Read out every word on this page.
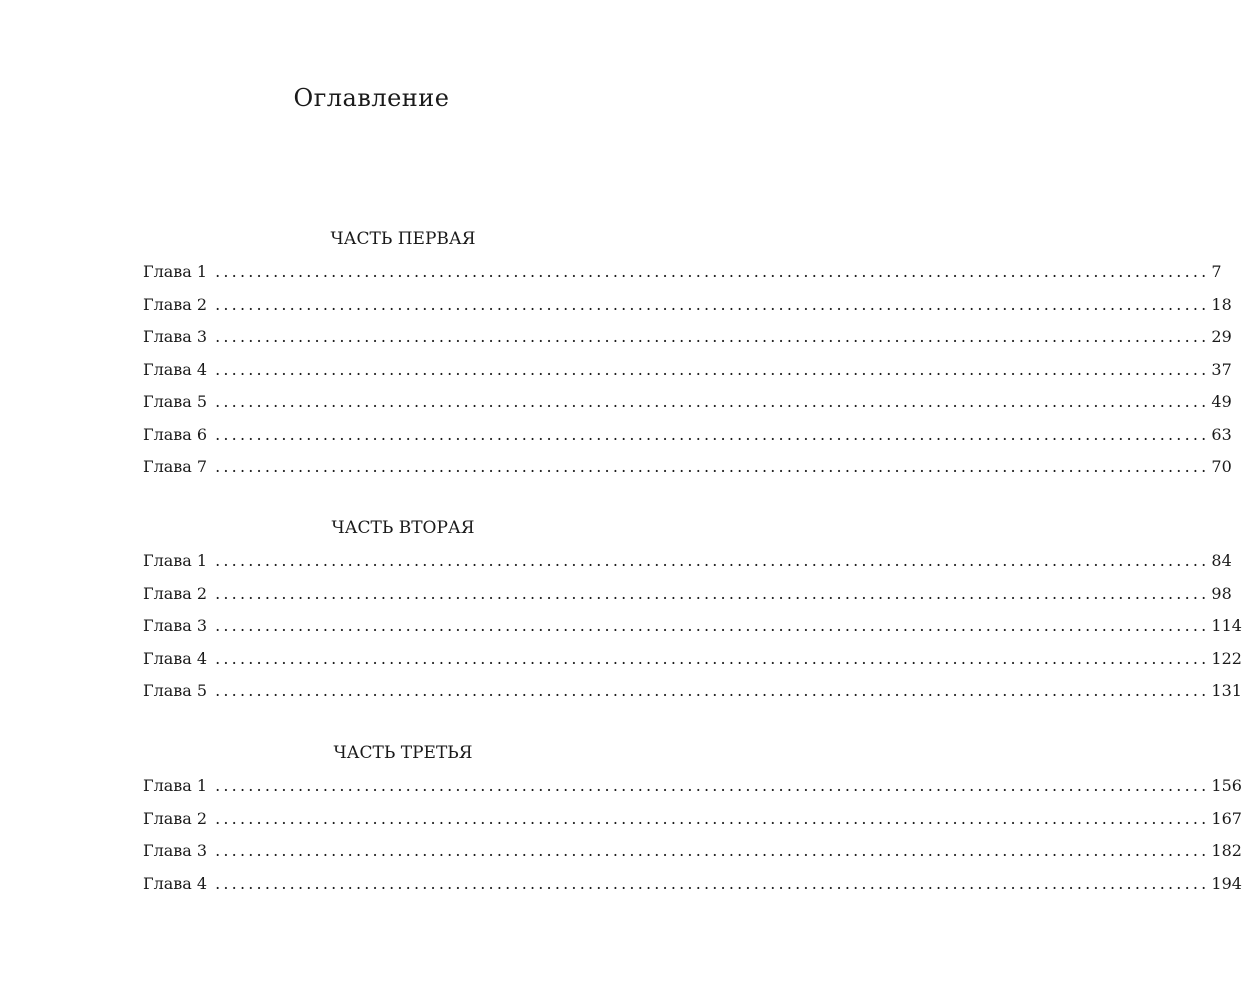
Оглавление
ЧАСТЬ ПЕРВАЯ
Глава 1 ........................................................................................................................ 7
Глава 2 ........................................................................................................................ 18
Глава 3 ........................................................................................................................ 29
Глава 4 ........................................................................................................................ 37
Глава 5 ........................................................................................................................ 49
Глава 6 ........................................................................................................................ 63
Глава 7 ........................................................................................................................ 70
ЧАСТЬ ВТОРАЯ
Глава 1 ........................................................................................................................ 84
Глава 2 ........................................................................................................................ 98
Глава 3 ........................................................................................................................ 114
Глава 4 ........................................................................................................................ 122
Глава 5 ........................................................................................................................ 131
ЧАСТЬ ТРЕТЬЯ
Глава 1 ........................................................................................................................ 156
Глава 2 ........................................................................................................................ 167
Глава 3 ........................................................................................................................ 182
Глава 4 ........................................................................................................................ 194
